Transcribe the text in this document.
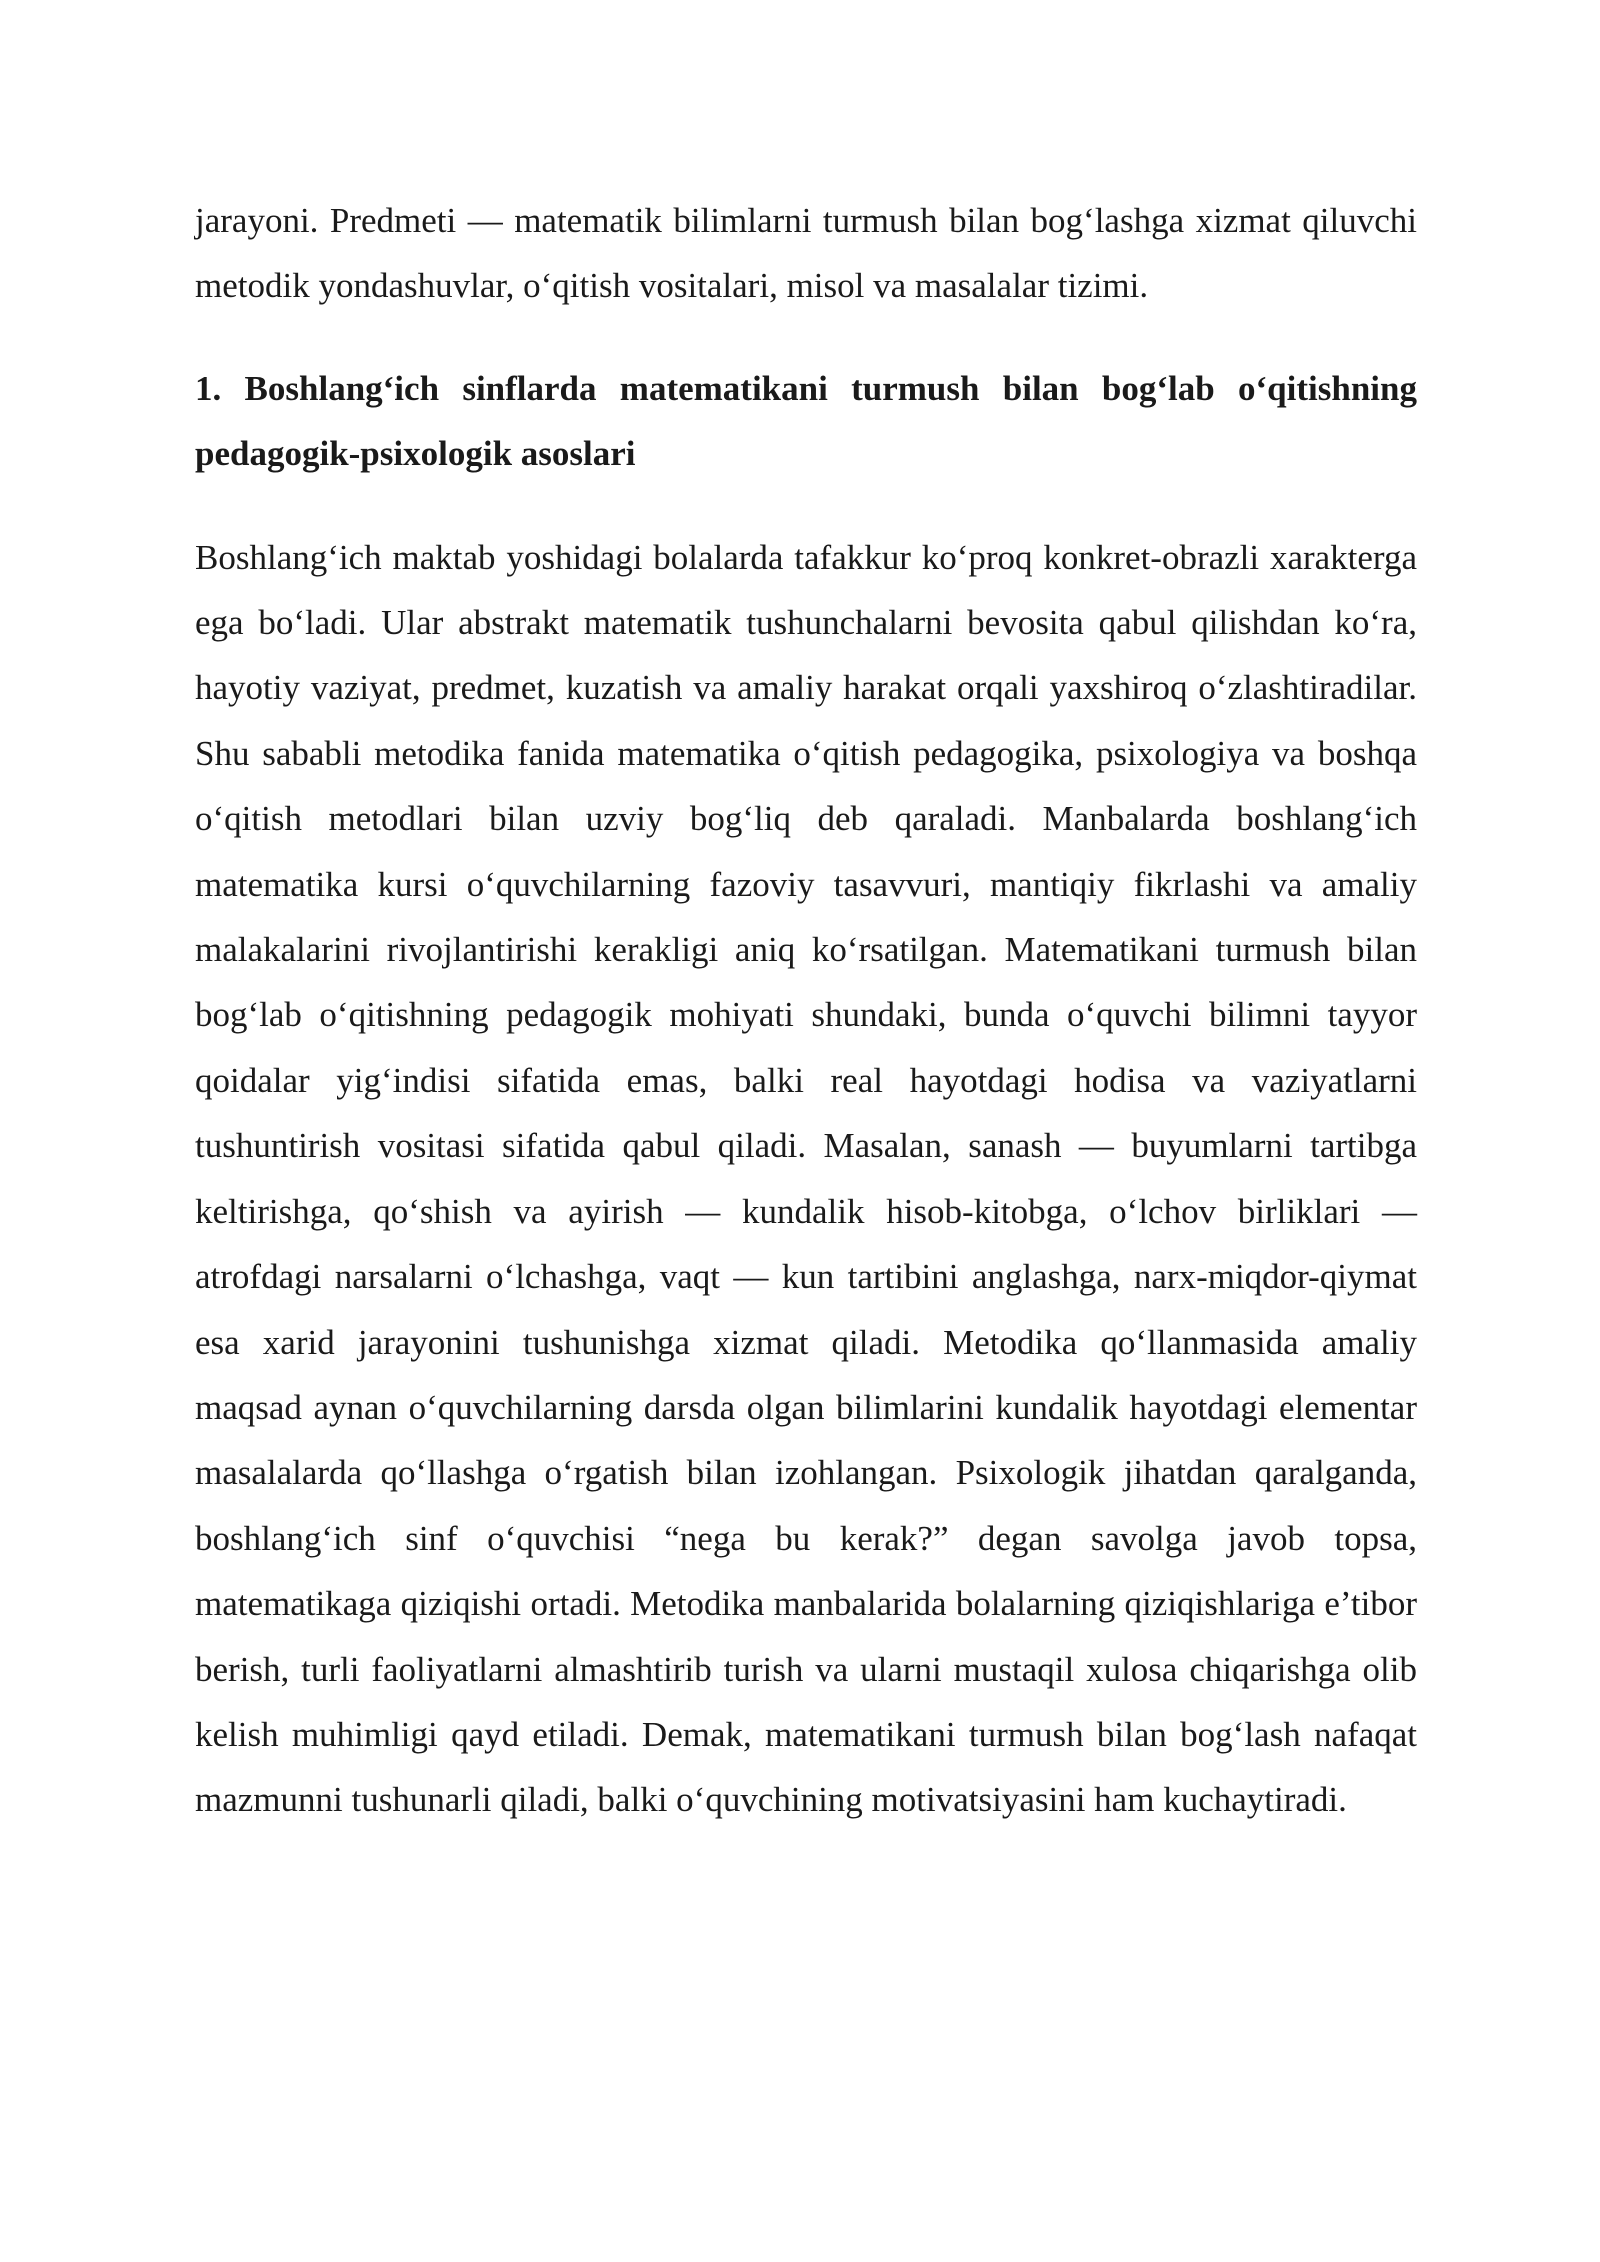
jarayoni. Predmeti — matematik bilimlarni turmush bilan bog‘lashga xizmat qiluvchi metodik yondashuvlar, o‘qitish vositalari, misol va masalalar tizimi.

1. Boshlang‘ich sinflarda matematikani turmush bilan bog‘lab o‘qitishning pedagogik-psixologik asoslari

Boshlang‘ich maktab yoshidagi bolalarda tafakkur ko‘proq konkret-obrazli xarakterga ega bo‘ladi. Ular abstrakt matematik tushunchalarni bevosita qabul qilishdan ko‘ra, hayotiy vaziyat, predmet, kuzatish va amaliy harakat orqali yaxshiroq o‘zlashtiradilar. Shu sababli metodika fanida matematika o‘qitish pedagogika, psixologiya va boshqa o‘qitish metodlari bilan uzviy bog‘liq deb qaraladi. Manbalarda boshlang‘ich matematika kursi o‘quvchilarning fazoviy tasavvuri, mantiqiy fikrlashi va amaliy malakalarini rivojlantirishi kerakligi aniq ko‘rsatilgan. Matematikani turmush bilan bog‘lab o‘qitishning pedagogik mohiyati shundaki, bunda o‘quvchi bilimni tayyor qoidalar yig‘indisi sifatida emas, balki real hayotdagi hodisa va vaziyatlarni tushuntirish vositasi sifatida qabul qiladi. Masalan, sanash — buyumlarni tartibga keltirishga, qo‘shish va ayirish — kundalik hisob-kitobga, o‘lchov birliklari — atrofdagi narsalarni o‘lchashga, vaqt — kun tartibini anglashga, narx-miqdor-qiymat esa xarid jarayonini tushunishga xizmat qiladi. Metodika qo‘llanmasida amaliy maqsad aynan o‘quvchilarning darsda olgan bilimlarini kundalik hayotdagi elementar masalalarda qo‘llashga o‘rgatish bilan izohlangan. Psixologik jihatdan qaralganda, boshlang‘ich sinf o‘quvchisi “nega bu kerak?” degan savolga javob topsa, matematikaga qiziqishi ortadi. Metodika manbalarida bolalarning qiziqishlariga e’tibor berish, turli faoliyatlarni almashtirib turish va ularni mustaqil xulosa chiqarishga olib kelish muhimligi qayd etiladi. Demak, matematikani turmush bilan bog‘lash nafaqat mazmunni tushunarli qiladi, balki o‘quvchining motivatsiyasini ham kuchaytiradi.
